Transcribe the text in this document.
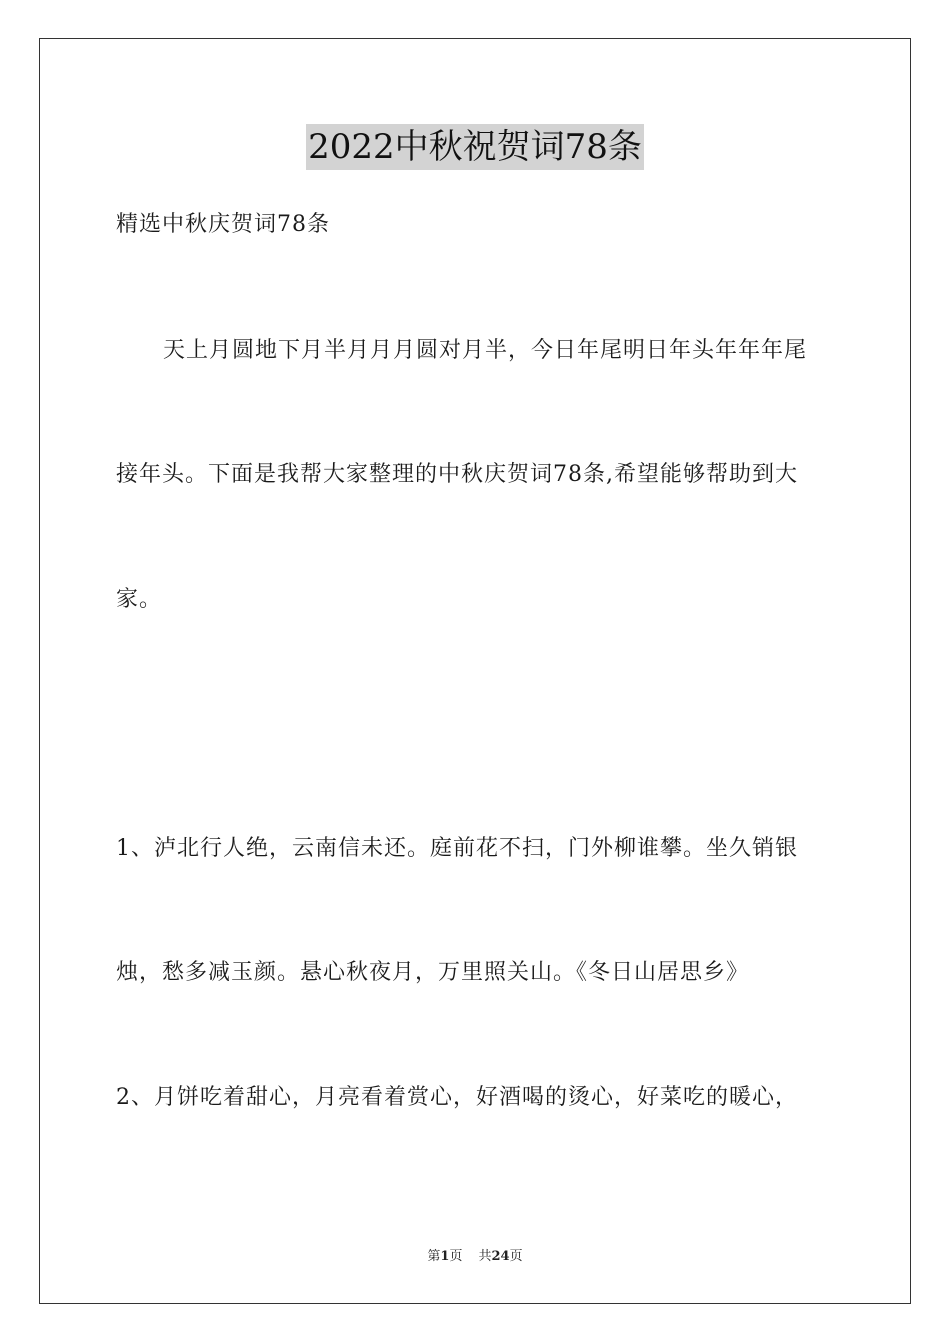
2022中秋祝贺词78条
精选中秋庆贺词78条
天上月圆地下月半月月月圆对月半，今日年尾明日年头年年年尾
接年头。下面是我帮大家整理的中秋庆贺词78条,希望能够帮助到大
家。
1、泸北行人绝，云南信未还。庭前花不扫，门外柳谁攀。坐久销银
烛，愁多减玉颜。悬心秋夜月，万里照关山。《冬日山居思乡》
2、月饼吃着甜心，月亮看着赏心，好酒喝的烫心，好菜吃的暖心，
第1页 共24页
